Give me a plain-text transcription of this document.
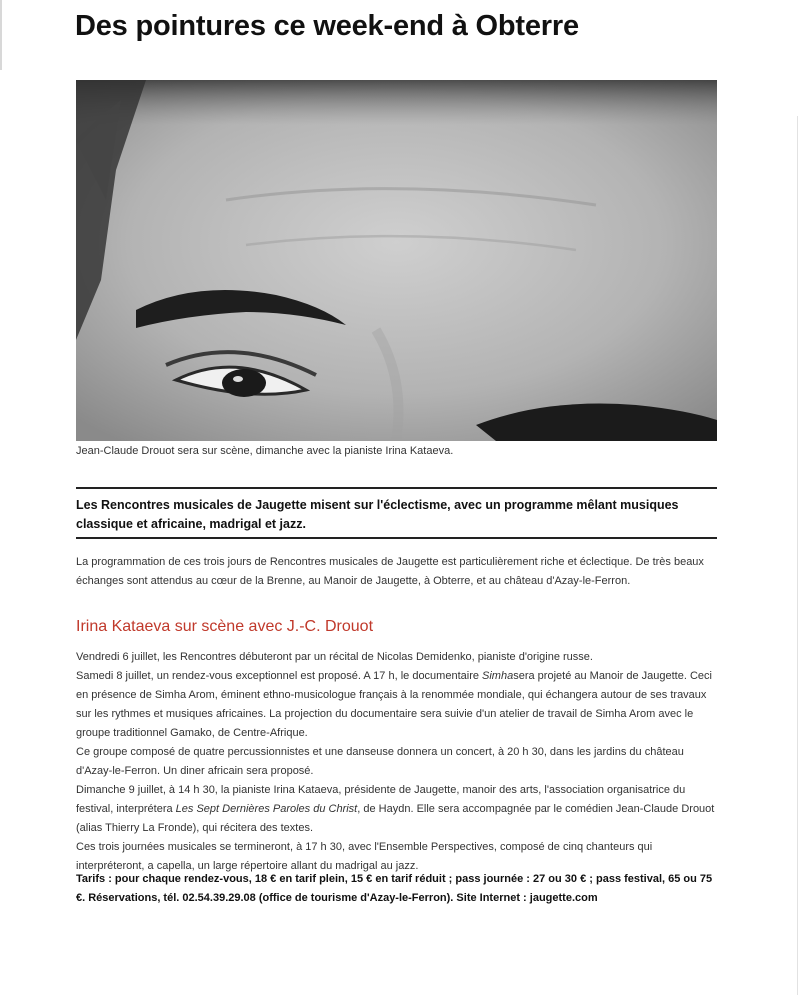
Des pointures ce week-end à Obterre
Jean-Claude Drouot sera sur scène, dimanche avec la pianiste Irina Kataeva.
Les Rencontres musicales de Jaugette misent sur l'éclectisme, avec un programme mêlant musiques classique et africaine, madrigal et jazz.

La programmation de ces trois jours de Rencontres musicales de Jaugette est particulièrement riche et éclectique. De très beaux échanges sont attendus au cœur de la Brenne, au Manoir de Jaugette, à Obterre, et au château d'Azay-le-Ferron.

Irina Kataeva sur scène avec J.-C. Drouot

Vendredi 6 juillet, les Rencontres débuteront par un récital de Nicolas Demidenko, pianiste d'origine russe.

Samedi 8 juillet, un rendez-vous exceptionnel est proposé. A 17 h, le documentaire Simhasera projeté au Manoir de Jaugette. Ceci en présence de Simha Arom, éminent ethno-musicologue français à la renommée mondiale, qui échangera autour de ses travaux sur les rythmes et musiques africaines. La projection du documentaire sera suivie d'un atelier de travail de Simha Arom avec le groupe traditionnel Gamako, de Centre-Afrique.

Ce groupe composé de quatre percussionnistes et une danseuse donnera un concert, à 20 h 30, dans les jardins du château d'Azay-le-Ferron. Un diner africain sera proposé.

Dimanche 9 juillet, à 14 h 30, la pianiste Irina Kataeva, présidente de Jaugette, manoir des arts, l'association organisatrice du festival, interprétera Les Sept Dernières Paroles du Christ, de Haydn. Elle sera accompagnée par le comédien Jean-Claude Drouot (alias Thierry La Fronde), qui récitera des textes.

Ces trois journées musicales se termineront, à 17 h 30, avec l'Ensemble Perspectives, composé de cinq chanteurs qui interpréteront, a capella, un large répertoire allant du madrigal au jazz.

Tarifs : pour chaque rendez-vous, 18 € en tarif plein, 15 € en tarif réduit ; pass journée : 27 ou 30 € ; pass festival, 65 ou 75 €. Réservations, tél. 02.54.39.29.08 (office de tourisme d'Azay-le-Ferron). Site Internet : jaugette.com
